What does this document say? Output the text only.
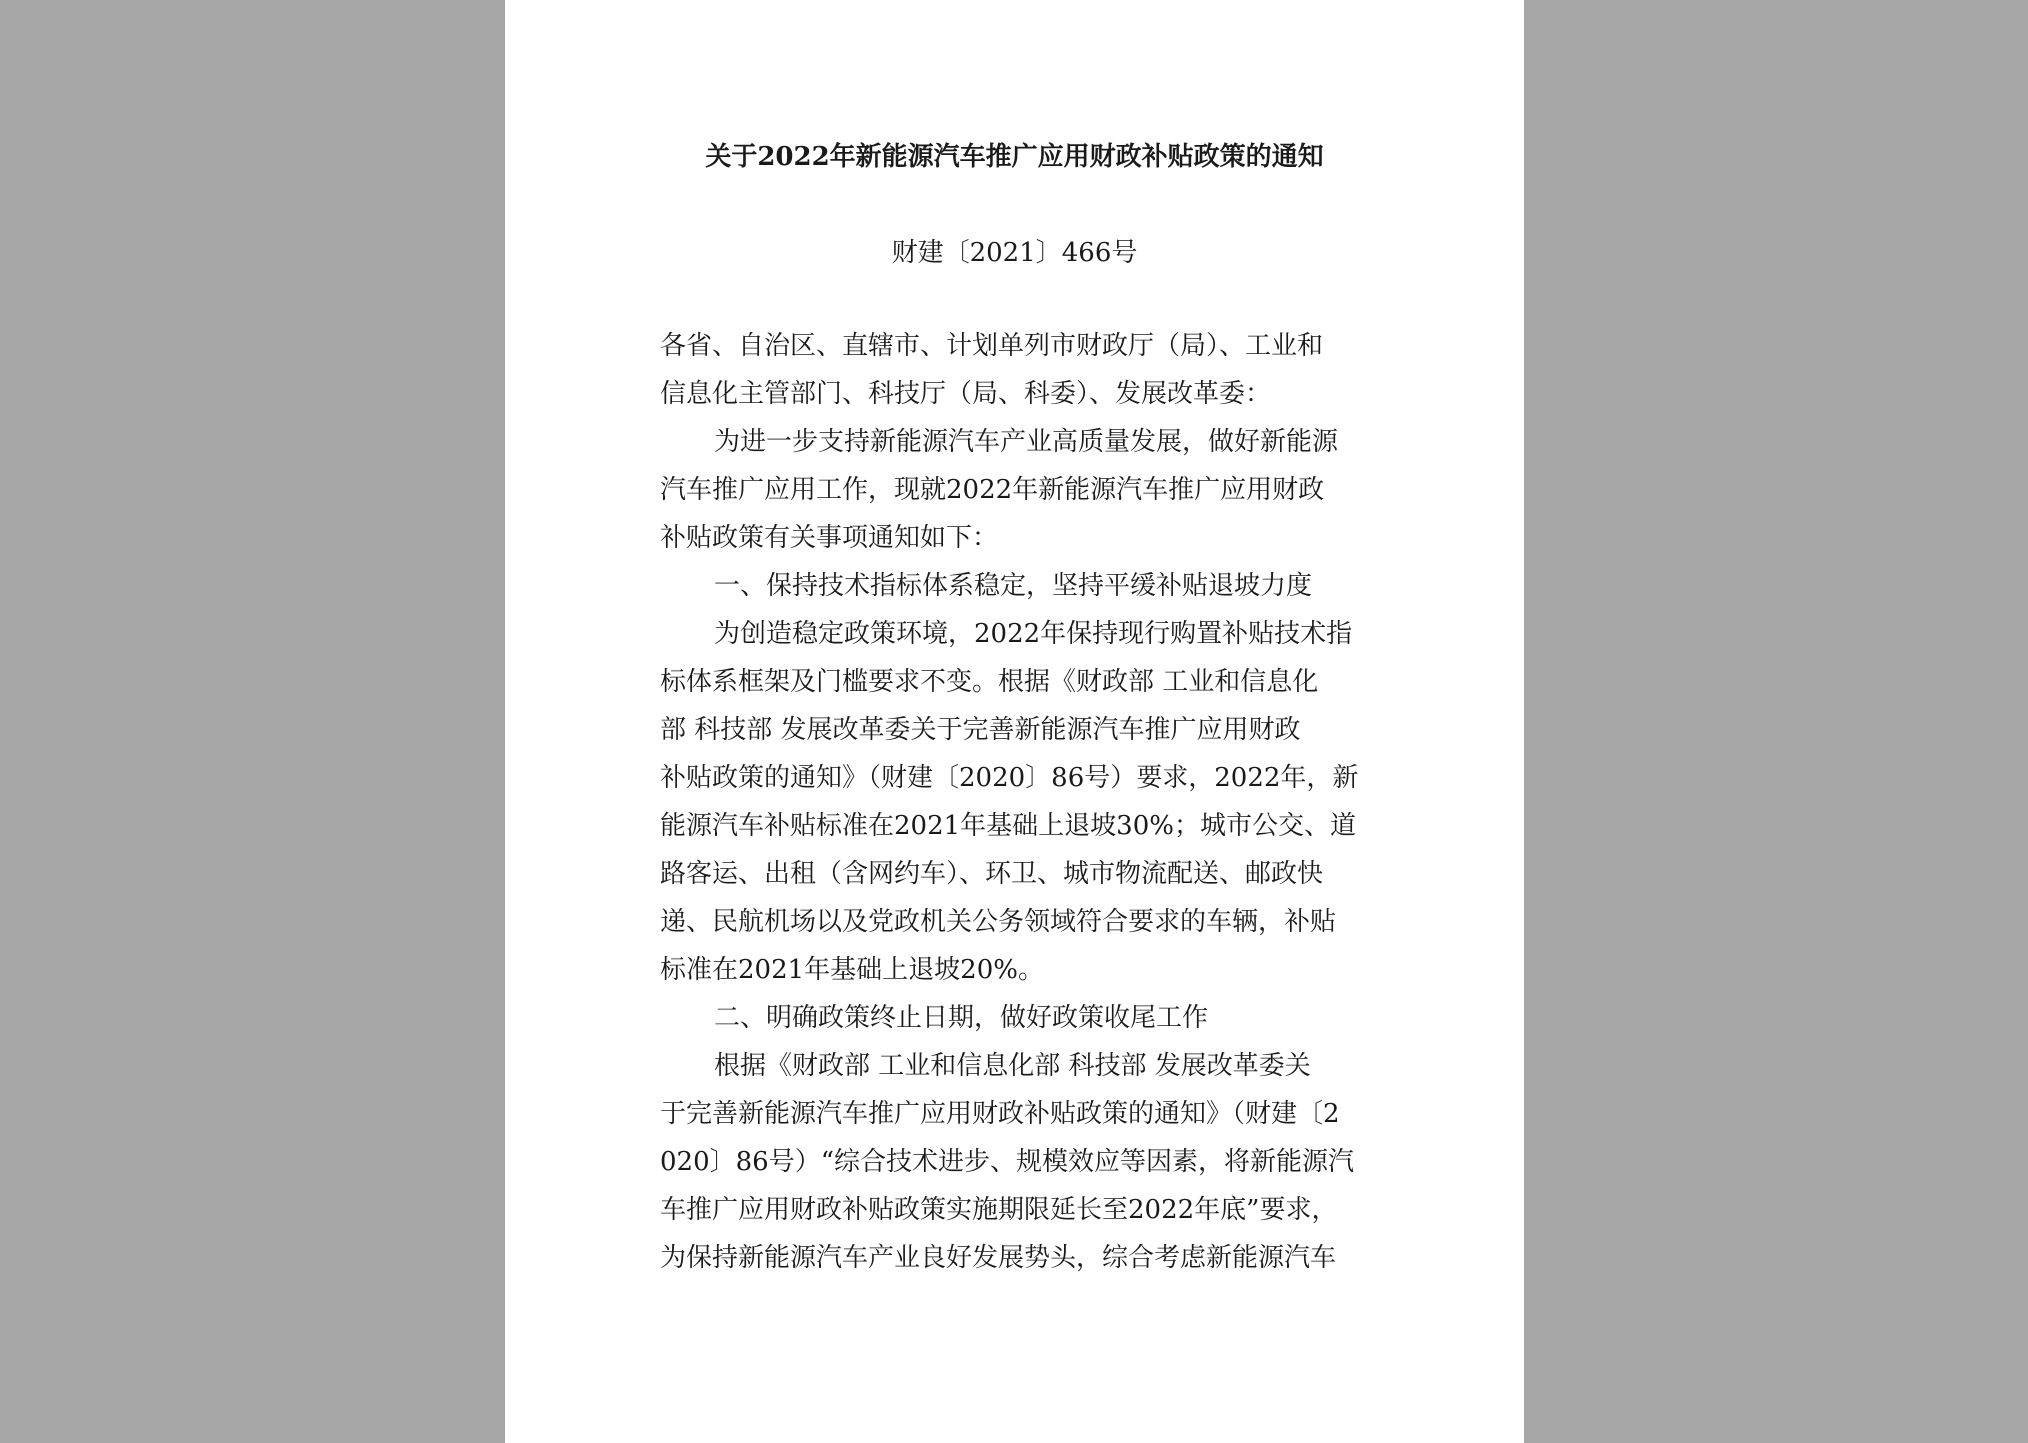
关于2022年新能源汽车推广应用财政补贴政策的通知
财建〔2021〕466号
各省、自治区、直辖市、计划单列市财政厅（局）、工业和
信息化主管部门、科技厅（局、科委）、发展改革委：
为进一步支持新能源汽车产业高质量发展，做好新能源
汽车推广应用工作，现就2022年新能源汽车推广应用财政
补贴政策有关事项通知如下：
一、保持技术指标体系稳定，坚持平缓补贴退坡力度
为创造稳定政策环境，2022年保持现行购置补贴技术指
标体系框架及门槛要求不变。根据《财政部 工业和信息化
部 科技部 发展改革委关于完善新能源汽车推广应用财政
补贴政策的通知》（财建〔2020〕86号）要求，2022年，新
能源汽车补贴标准在2021年基础上退坡30%；城市公交、道
路客运、出租（含网约车）、环卫、城市物流配送、邮政快
递、民航机场以及党政机关公务领域符合要求的车辆，补贴
标准在2021年基础上退坡20%。
二、明确政策终止日期，做好政策收尾工作
根据《财政部 工业和信息化部 科技部 发展改革委关
于完善新能源汽车推广应用财政补贴政策的通知》（财建〔2
020〕86号）“综合技术进步、规模效应等因素，将新能源汽
车推广应用财政补贴政策实施期限延长至2022年底”要求，
为保持新能源汽车产业良好发展势头，综合考虑新能源汽车
